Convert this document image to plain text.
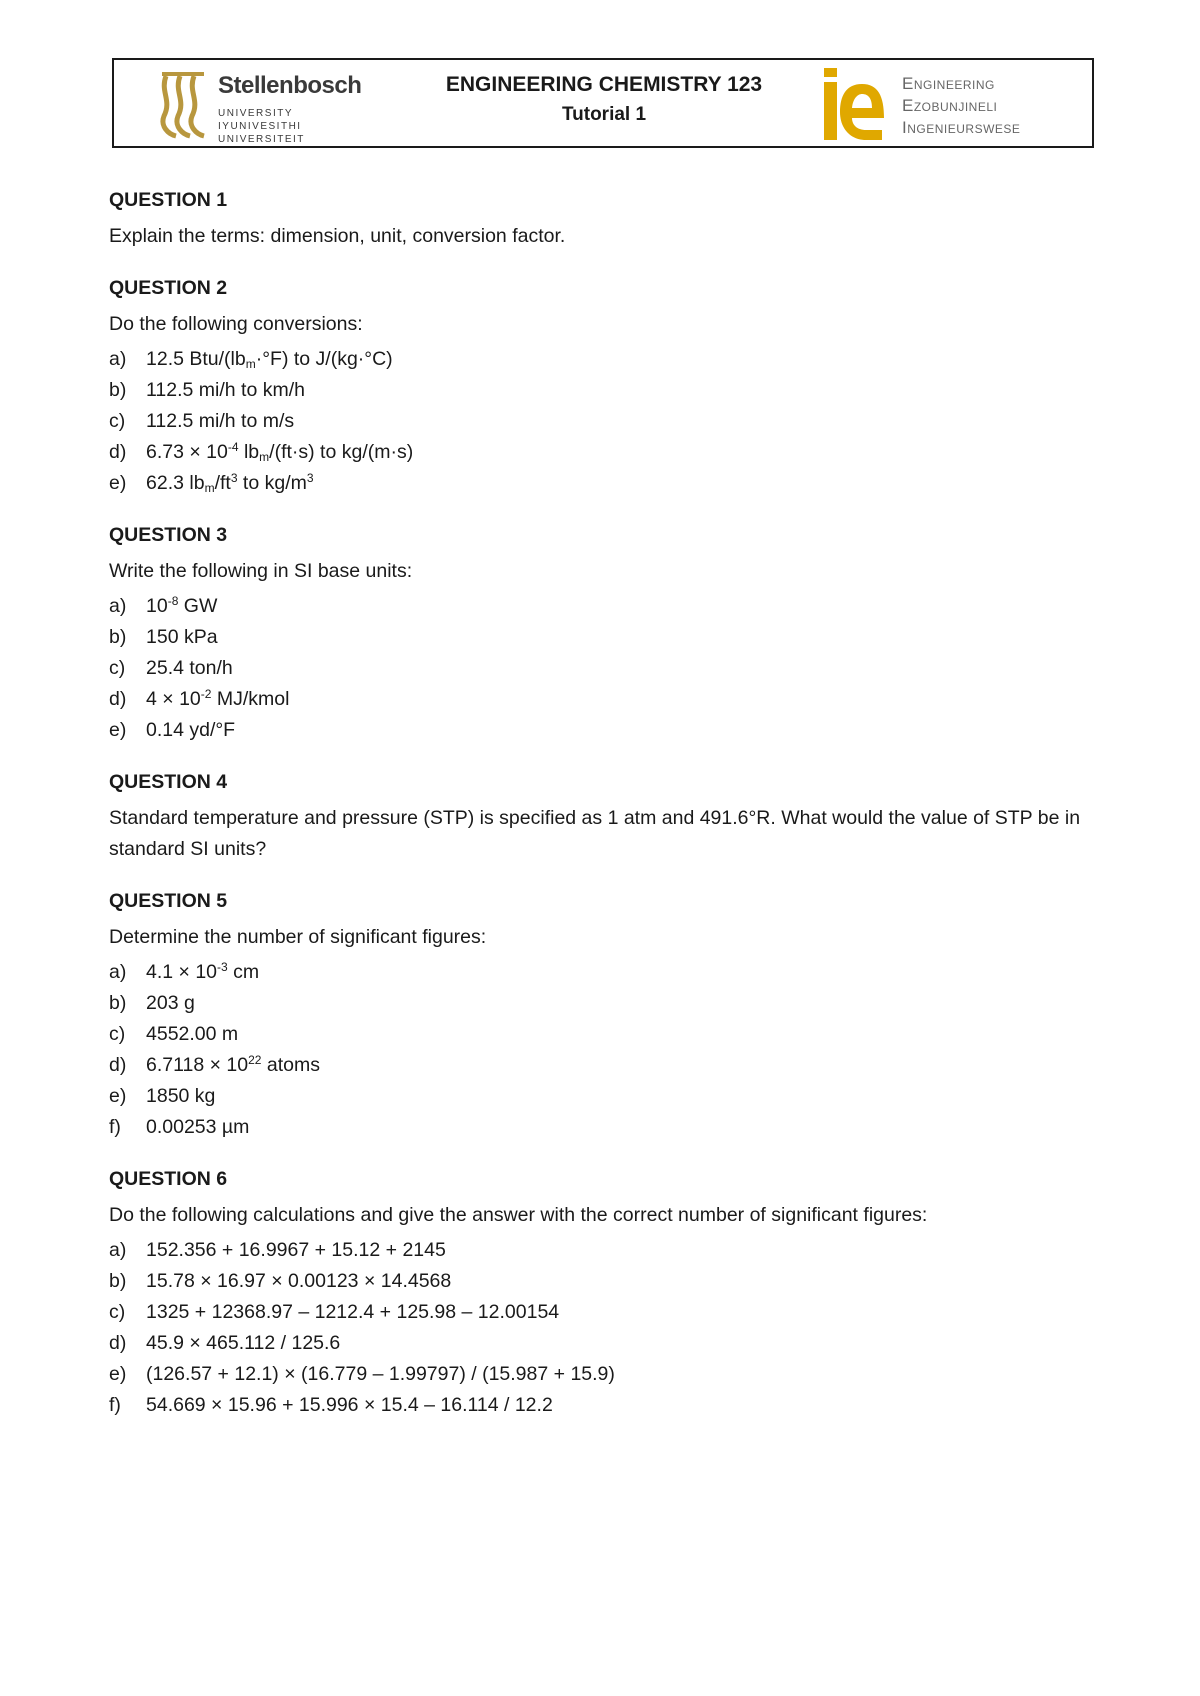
Stellenbosch
UNIVERSITY
IYUNIVESITHI
UNIVERSITEIT
ENGINEERING CHEMISTRY 123
Tutorial 1
Engineering
Ezobunjineli
Ingenieurswese
QUESTION 1
Explain the terms: dimension, unit, conversion factor.
QUESTION 2
Do the following conversions:
a)	12.5 Btu/$(lb_m\cdot^\circ F)$ to J/(kg·°C)
b)	112.5 mi/h to km/h
c)	112.5 mi/h to m/s
d)	$6.73 \times 10^{-4}$ $lb_m/(ft\cdot s)$ to kg/(m·s)
e)	62.3 $lb_m/ft^3$ to $kg/m^3$
QUESTION 3
Write the following in SI base units:
a)	$10^{-8}$ GW
b)	150 kPa
c)	25.4 ton/h
d)	$4 \times 10^{-2}$ MJ/kmol
e)	0.14 yd/°F
QUESTION 4
Standard temperature and pressure (STP) is specified as 1 atm and 491.6°R. What would the value of STP be in standard SI units?
QUESTION 5
Determine the number of significant figures:
a)	$4.1 \times 10^{-3}$ cm
b)	203 g
c)	4552.00 m
d)	$6.7118 \times 10^{22}$ atoms
e)	1850 kg
f)	0.00253 µm
QUESTION 6
Do the following calculations and give the answer with the correct number of significant figures:
a)	152.356 + 16.9967 + 15.12 + 2145
b)	15.78 × 16.97 × 0.00123 × 14.4568
c)	1325 + 12368.97 – 1212.4 + 125.98 – 12.00154
d)	45.9 × 465.112 / 125.6
e)	(126.57 + 12.1) × (16.779 – 1.99797) / (15.987 + 15.9)
f)	54.669 × 15.96 + 15.996 × 15.4 – 16.114 / 12.2
